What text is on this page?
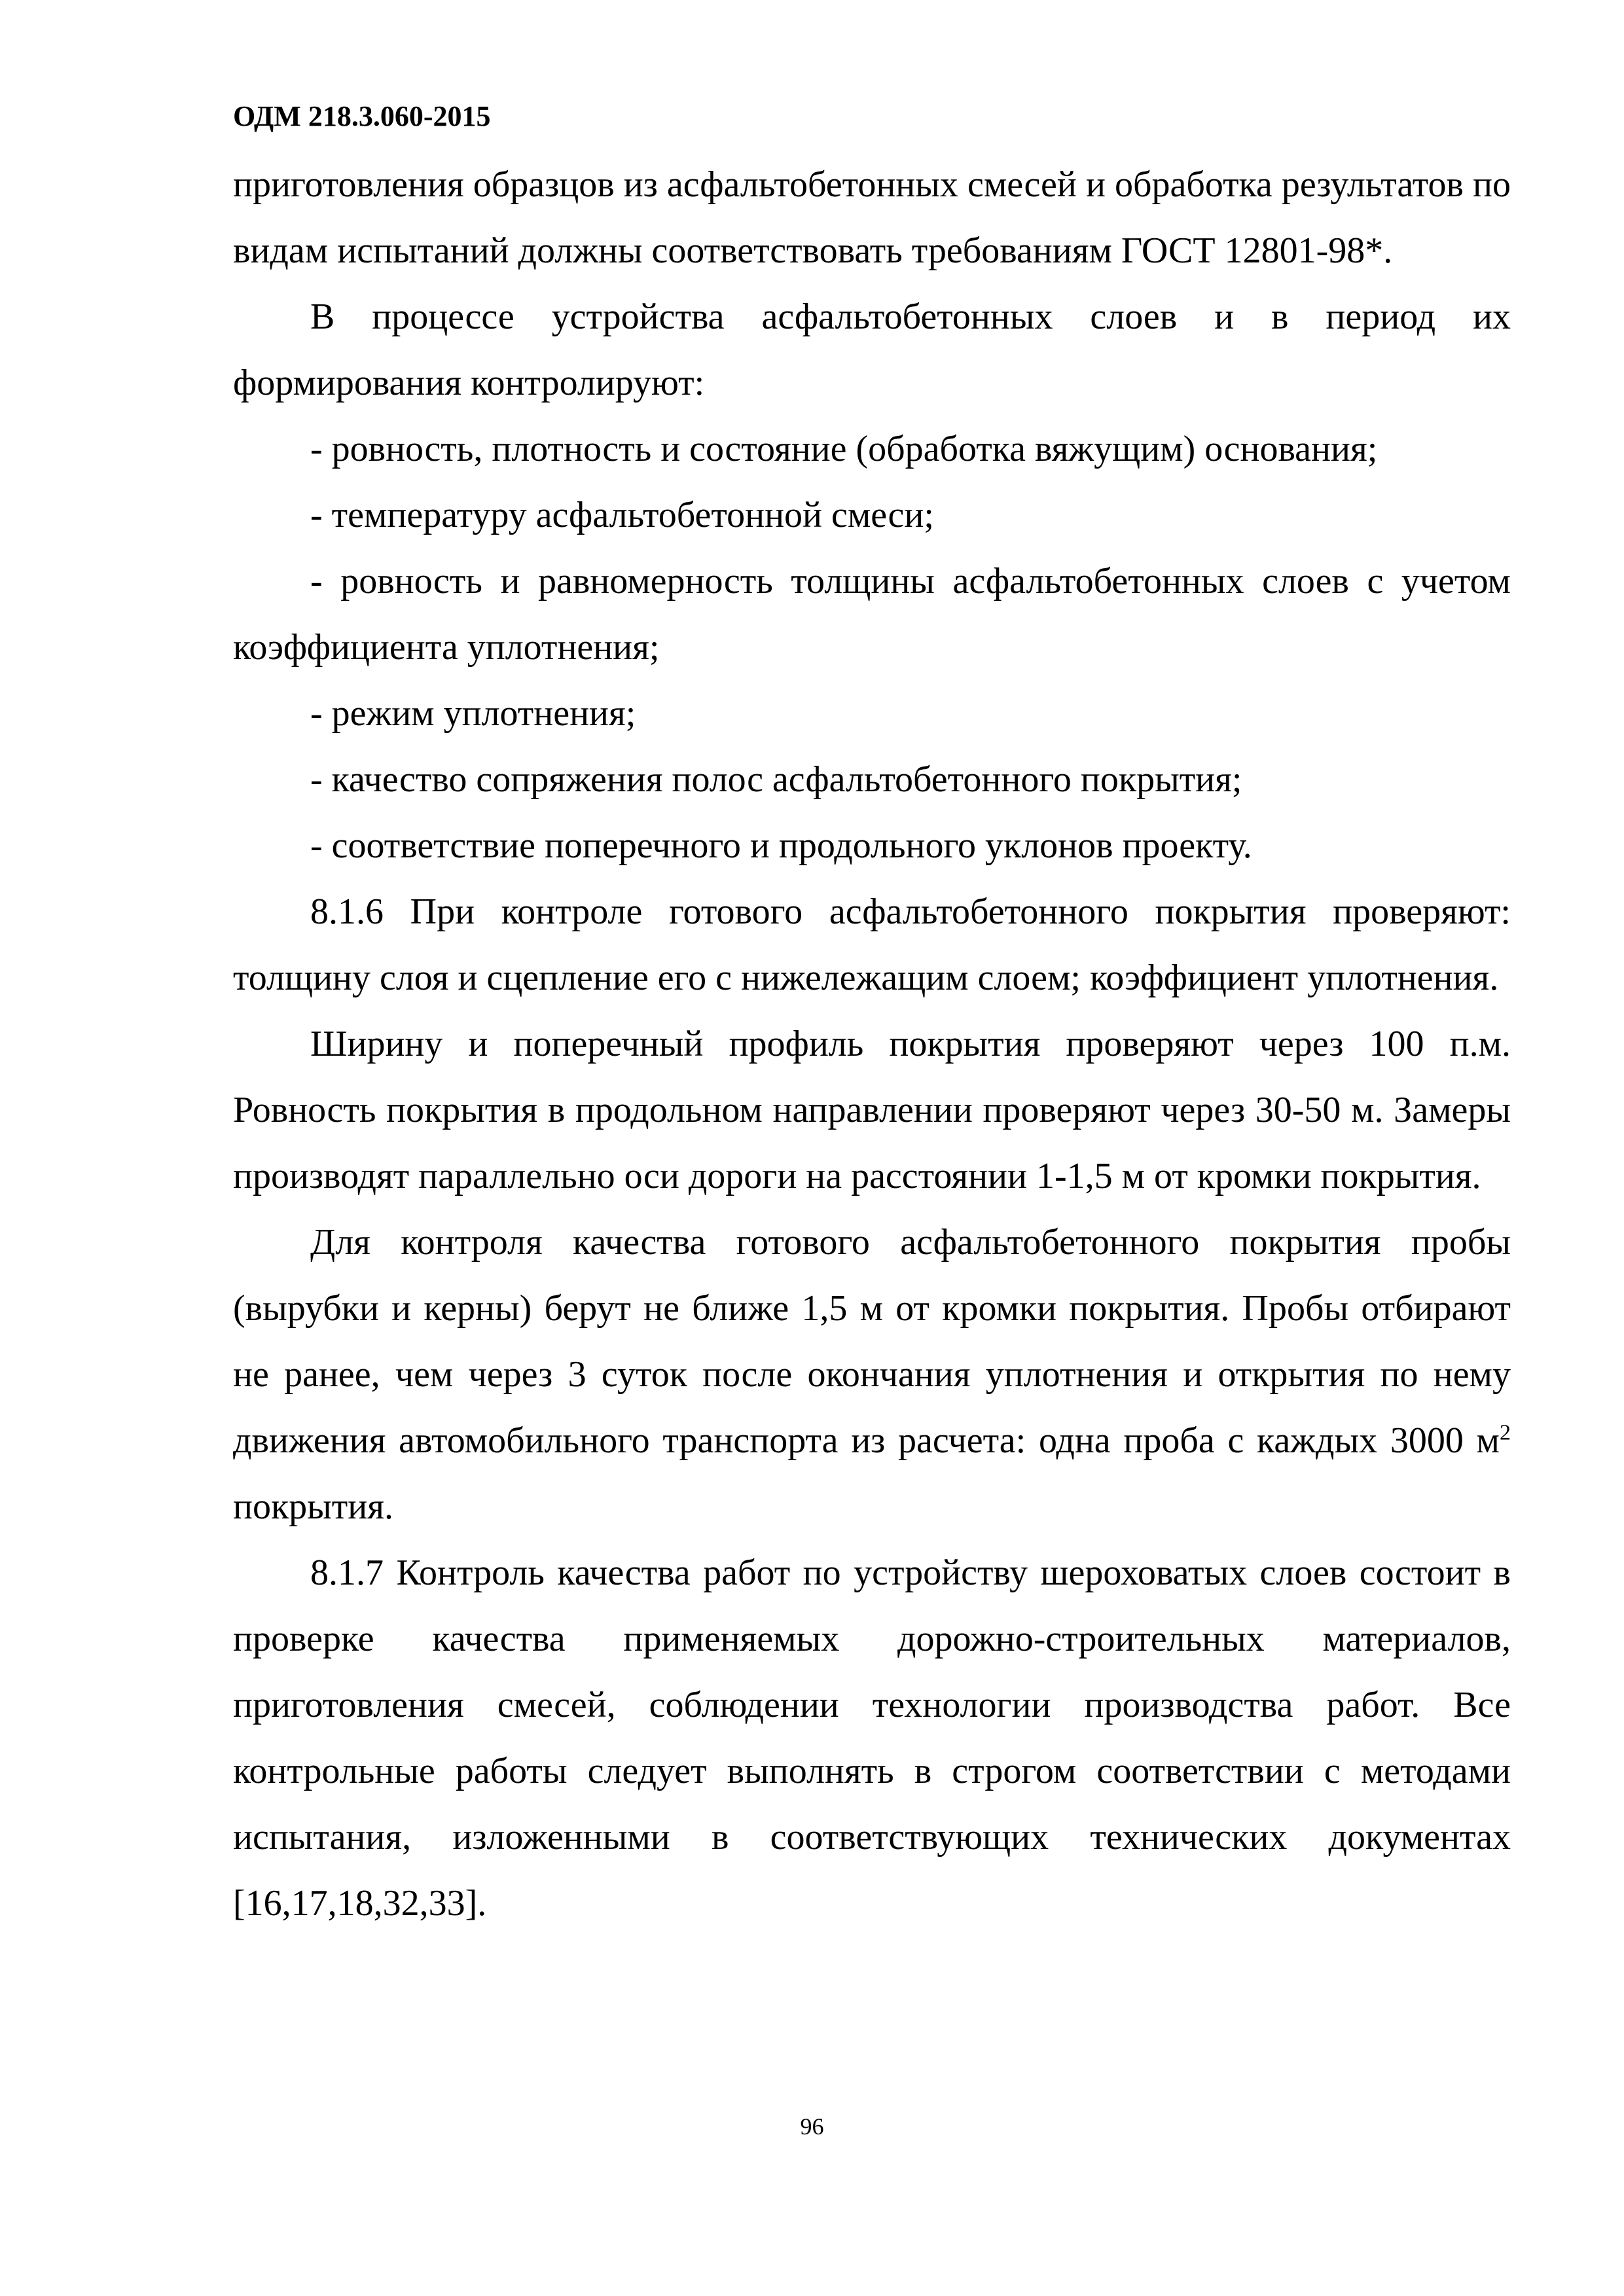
ОДМ 218.3.060-2015

приготовления образцов из асфальтобетонных смесей и обработка результатов по видам испытаний должны соответствовать требованиям ГОСТ 12801-98*.

В процессе устройства асфальтобетонных слоев и в период их формирования контролируют:

- ровность, плотность и состояние (обработка вяжущим) основания;

- температуру асфальтобетонной смеси;

- ровность и равномерность толщины асфальтобетонных слоев с учетом коэффициента уплотнения;

- режим уплотнения;

- качество сопряжения полос асфальтобетонного покрытия;

- соответствие поперечного и продольного уклонов проекту.

8.1.6 При контроле готового асфальтобетонного покрытия проверяют: толщину слоя и сцепление его с нижележащим слоем; коэффициент уплотнения.

Ширину и поперечный профиль покрытия проверяют через 100 п.м. Ровность покрытия в продольном направлении проверяют через 30-50 м. Замеры производят параллельно оси дороги на расстоянии 1-1,5 м от кромки покрытия.

Для контроля качества готового асфальтобетонного покрытия пробы (вырубки и керны) берут не ближе 1,5 м от кромки покрытия. Пробы отбирают не ранее, чем через 3 суток после окончания уплотнения и открытия по нему движения автомобильного транспорта из расчета: одна проба с каждых 3000 $м^2$ покрытия.

8.1.7 Контроль качества работ по устройству шероховатых слоев состоит в проверке качества применяемых дорожно-строительных материалов, приготовления смесей, соблюдении технологии производства работ. Все контрольные работы следует выполнять в строгом соответствии с методами испытания, изложенными в соответствующих технических документах [16,17,18,32,33].

96
